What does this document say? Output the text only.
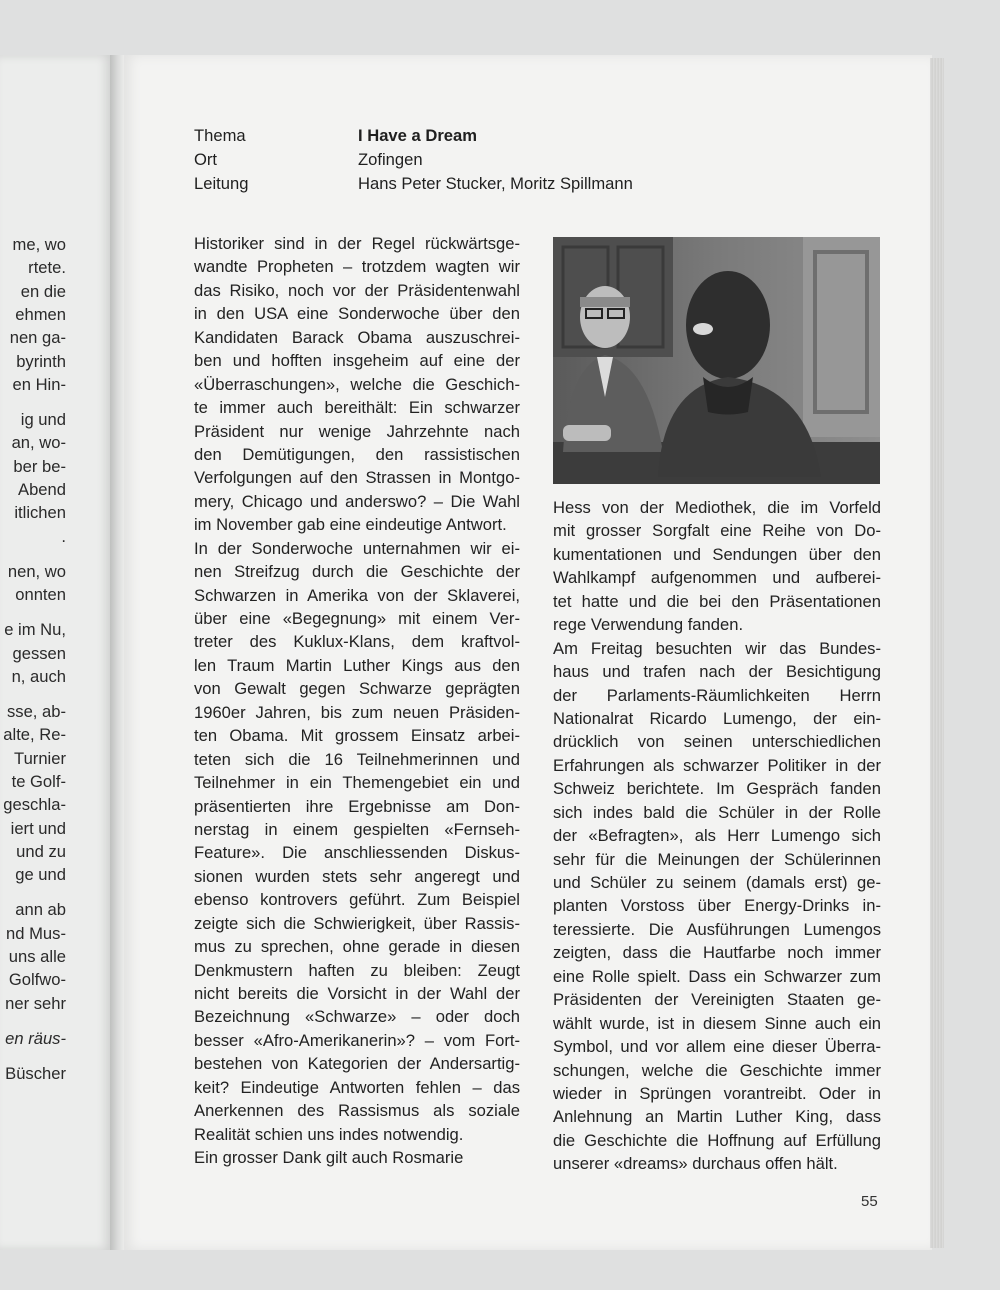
me, wo
rtete.
en die
ehmen
nen ga-
byrinth
en Hin-
ig und
an, wo-
ber be-
Abend
itlichen
.
nen, wo
onnten
e im Nu,
gessen
n, auch
sse, ab-
alte, Re-
Turnier
te Golf-
geschla-
iert und
und zu
ge und
ann ab
nd Mus-
uns alle
Golfwo-
ner sehr
en räus-
Büscher
Thema	I Have a Dream
Ort	Zofingen
Leitung	Hans Peter Stucker, Moritz Spillmann
Historiker sind in der Regel rückwärtsge-
wandte Propheten – trotzdem wagten wir
das Risiko, noch vor der Präsidentenwahl
in den USA eine Sonderwoche über den
Kandidaten Barack Obama auszuschrei-
ben und hofften insgeheim auf eine der
«Überraschungen», welche die Geschich-
te immer auch bereithält: Ein schwarzer
Präsident nur wenige Jahrzehnte nach
den Demütigungen, den rassistischen
Verfolgungen auf den Strassen in Montgo-
mery, Chicago und anderswo? – Die Wahl
im November gab eine eindeutige Antwort.
In der Sonderwoche unternahmen wir ei-
nen Streifzug durch die Geschichte der
Schwarzen in Amerika von der Sklaverei,
über eine «Begegnung» mit einem Ver-
treter des Kuklux-Klans, dem kraftvol-
len Traum Martin Luther Kings aus den
von Gewalt gegen Schwarze geprägten
1960er Jahren, bis zum neuen Präsiden-
ten Obama. Mit grossem Einsatz arbei-
teten sich die 16 Teilnehmerinnen und
Teilnehmer in ein Themengebiet ein und
präsentierten ihre Ergebnisse am Don-
nerstag in einem gespielten «Fernseh-
Feature». Die anschliessenden Diskus-
sionen wurden stets sehr angeregt und
ebenso kontrovers geführt. Zum Beispiel
zeigte sich die Schwierigkeit, über Rassis-
mus zu sprechen, ohne gerade in diesen
Denkmustern haften zu bleiben: Zeugt
nicht bereits die Vorsicht in der Wahl der
Bezeichnung «Schwarze» – oder doch
besser «Afro-Amerikanerin»? – vom Fort-
bestehen von Kategorien der Andersartig-
keit? Eindeutige Antworten fehlen – das
Anerkennen des Rassismus als soziale
Realität schien uns indes notwendig.
Ein grosser Dank gilt auch Rosmarie
Hess von der Mediothek, die im Vorfeld
mit grosser Sorgfalt eine Reihe von Do-
kumentationen und Sendungen über den
Wahlkampf aufgenommen und aufberei-
tet hatte und die bei den Präsentationen
rege Verwendung fanden.
Am Freitag besuchten wir das Bundes-
haus und trafen nach der Besichtigung
der Parlaments-Räumlichkeiten Herrn
Nationalrat Ricardo Lumengo, der ein-
drücklich von seinen unterschiedlichen
Erfahrungen als schwarzer Politiker in der
Schweiz berichtete. Im Gespräch fanden
sich indes bald die Schüler in der Rolle
der «Befragten», als Herr Lumengo sich
sehr für die Meinungen der Schülerinnen
und Schüler zu seinem (damals erst) ge-
planten Vorstoss über Energy-Drinks in-
teressierte. Die Ausführungen Lumengos
zeigten, dass die Hautfarbe noch immer
eine Rolle spielt. Dass ein Schwarzer zum
Präsidenten der Vereinigten Staaten ge-
wählt wurde, ist in diesem Sinne auch ein
Symbol, und vor allem eine dieser Überra-
schungen, welche die Geschichte immer
wieder in Sprüngen vorantreibt. Oder in
Anlehnung an Martin Luther King, dass
die Geschichte die Hoffnung auf Erfüllung
unserer «dreams» durchaus offen hält.
55
